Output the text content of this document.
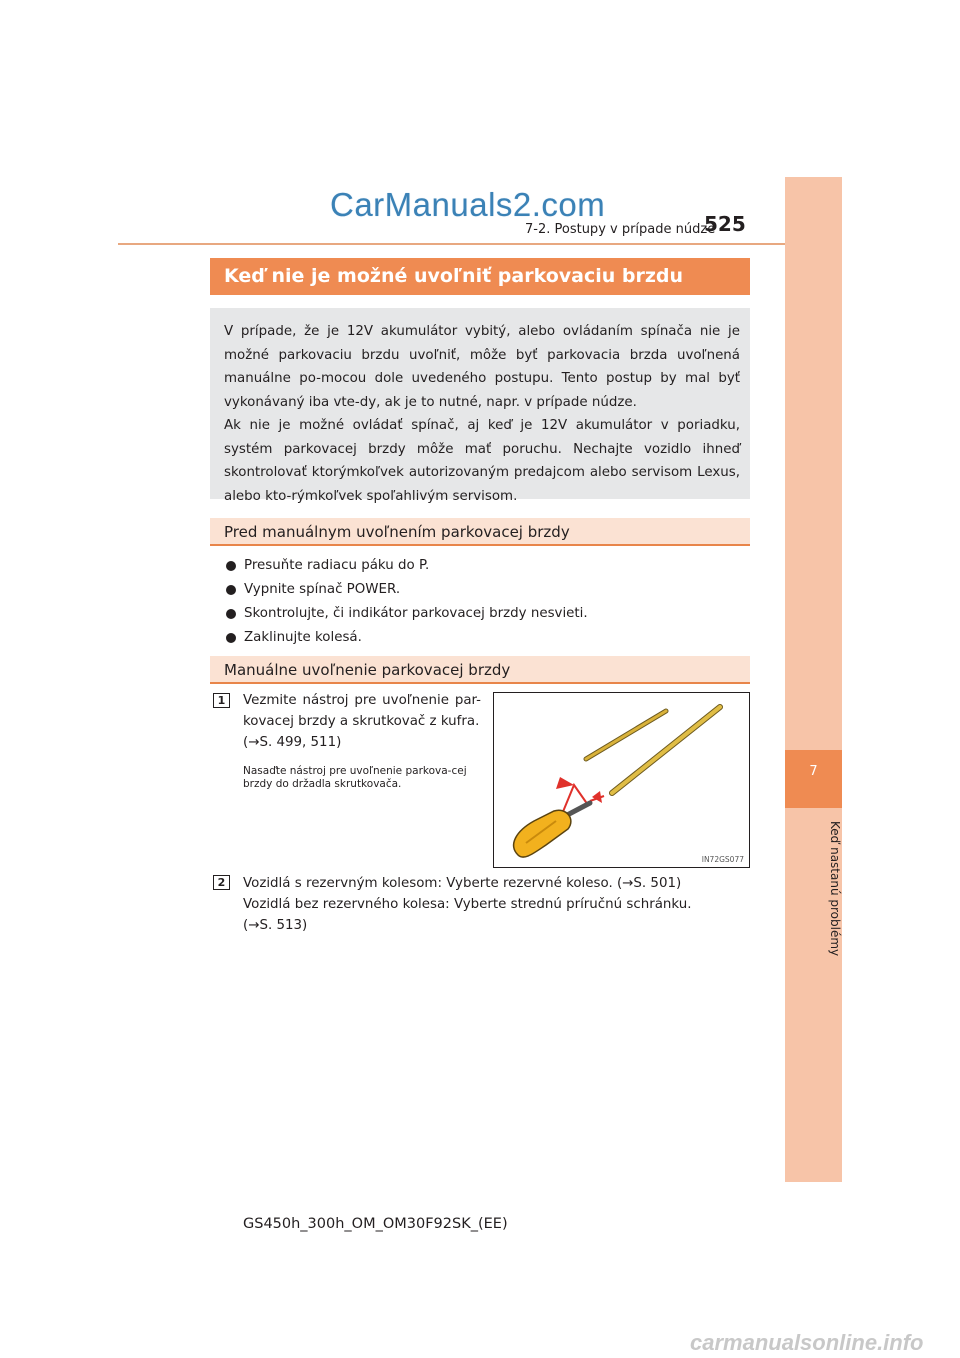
CarManuals2.com
7-2. Postupy v prípade núdze
525
7
Keď nastanú problémy
Keď nie je možné uvoľniť parkovaciu brzdu

V prípade, že je 12V akumulátor vybitý, alebo ovládaním spínača nie je možné parkovaciu brzdu uvoľniť, môže byť parkovacia brzda uvoľnená manuálne po-mocou dole uvedeného postupu. Tento postup by mal byť vykonávaný iba vte-dy, ak je to nutné, napr. v prípade núdze.

Ak nie je možné ovládať spínač, aj keď je 12V akumulátor v poriadku, systém parkovacej brzdy môže mať poruchu. Nechajte vozidlo ihneď skontrolovať ktorýmkoľvek autorizovaným predajcom alebo servisom Lexus, alebo kto-rýmkoľvek spoľahlivým servisom.

Pred manuálnym uvoľnením parkovacej brzdy
Presuňte radiacu páku do P.
Vypnite spínač POWER.
Skontrolujte, či indikátor parkovacej brzdy nesvieti.
Zaklinujte kolesá.
Manuálne uvoľnenie parkovacej brzdy
1	Vezmite nástroj pre uvoľnenie par-kovacej brzdy a skrutkovač z kufra.

(→S. 499, 511)

Nasaďte nástroj pre uvoľnenie parkova-cej brzdy do držadla skrutkovača.
IN72GS077
2	Vozidlá s rezervným kolesom: Vyberte rezervné koleso. (→S. 501)

Vozidlá bez rezervného kolesa: Vyberte strednú príručnú schránku.

(→S. 513)

GS450h_300h_OM_OM30F92SK_(EE)
carmanualsonline.info
